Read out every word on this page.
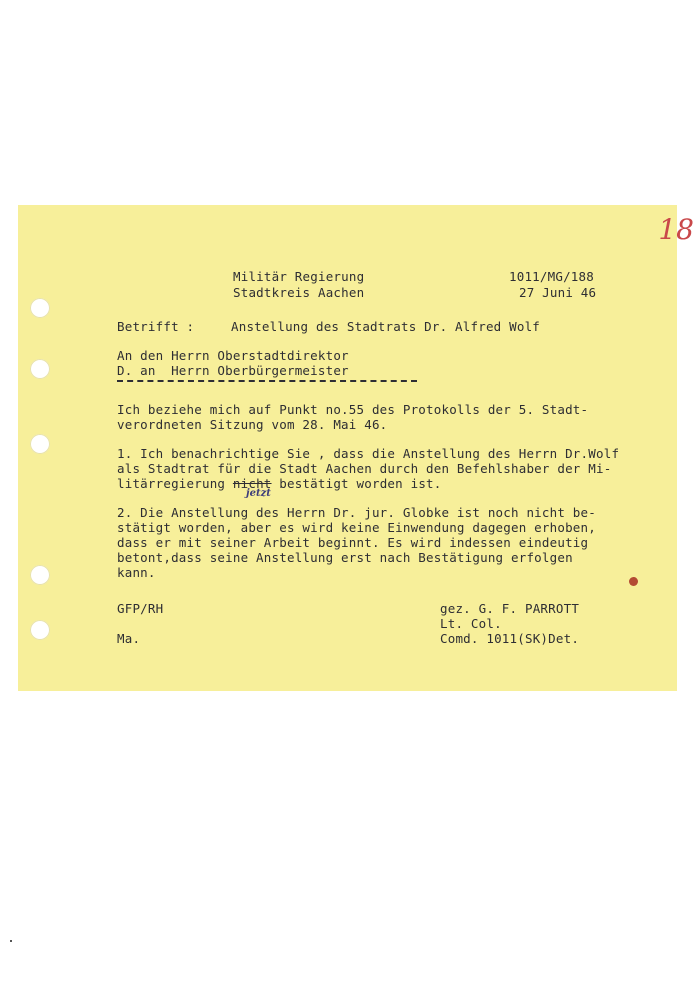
18
Militär Regierung
Stadtkreis Aachen
1011/MG/188
27 Juni 46
Betrifft :	Anstellung des Stadtrats Dr. Alfred Wolf
An den Herrn Oberstadtdirektor
D. an  Herrn Oberbürgermeister
Ich beziehe mich auf Punkt no.55 des Protokolls der 5. Stadt-
verordneten Sitzung vom 28. Mai 46.
1. Ich benachrichtige Sie , dass die Anstellung des Herrn Dr.Wolf
als Stadtrat für die Stadt Aachen durch den Befehlshaber der Mi-
litärregierung nicht bestätigt worden ist.
jetzt
2. Die Anstellung des Herrn Dr. jur. Globke ist noch nicht be-
stätigt worden, aber es wird keine Einwendung dagegen erhoben,
dass er mit seiner Arbeit beginnt. Es wird indessen eindeutig
betont,dass seine Anstellung erst nach Bestätigung erfolgen
kann.
GFP/RH
Ma.
gez. G. F. PARROTT
Lt. Col.
Comd. 1011(SK)Det.
